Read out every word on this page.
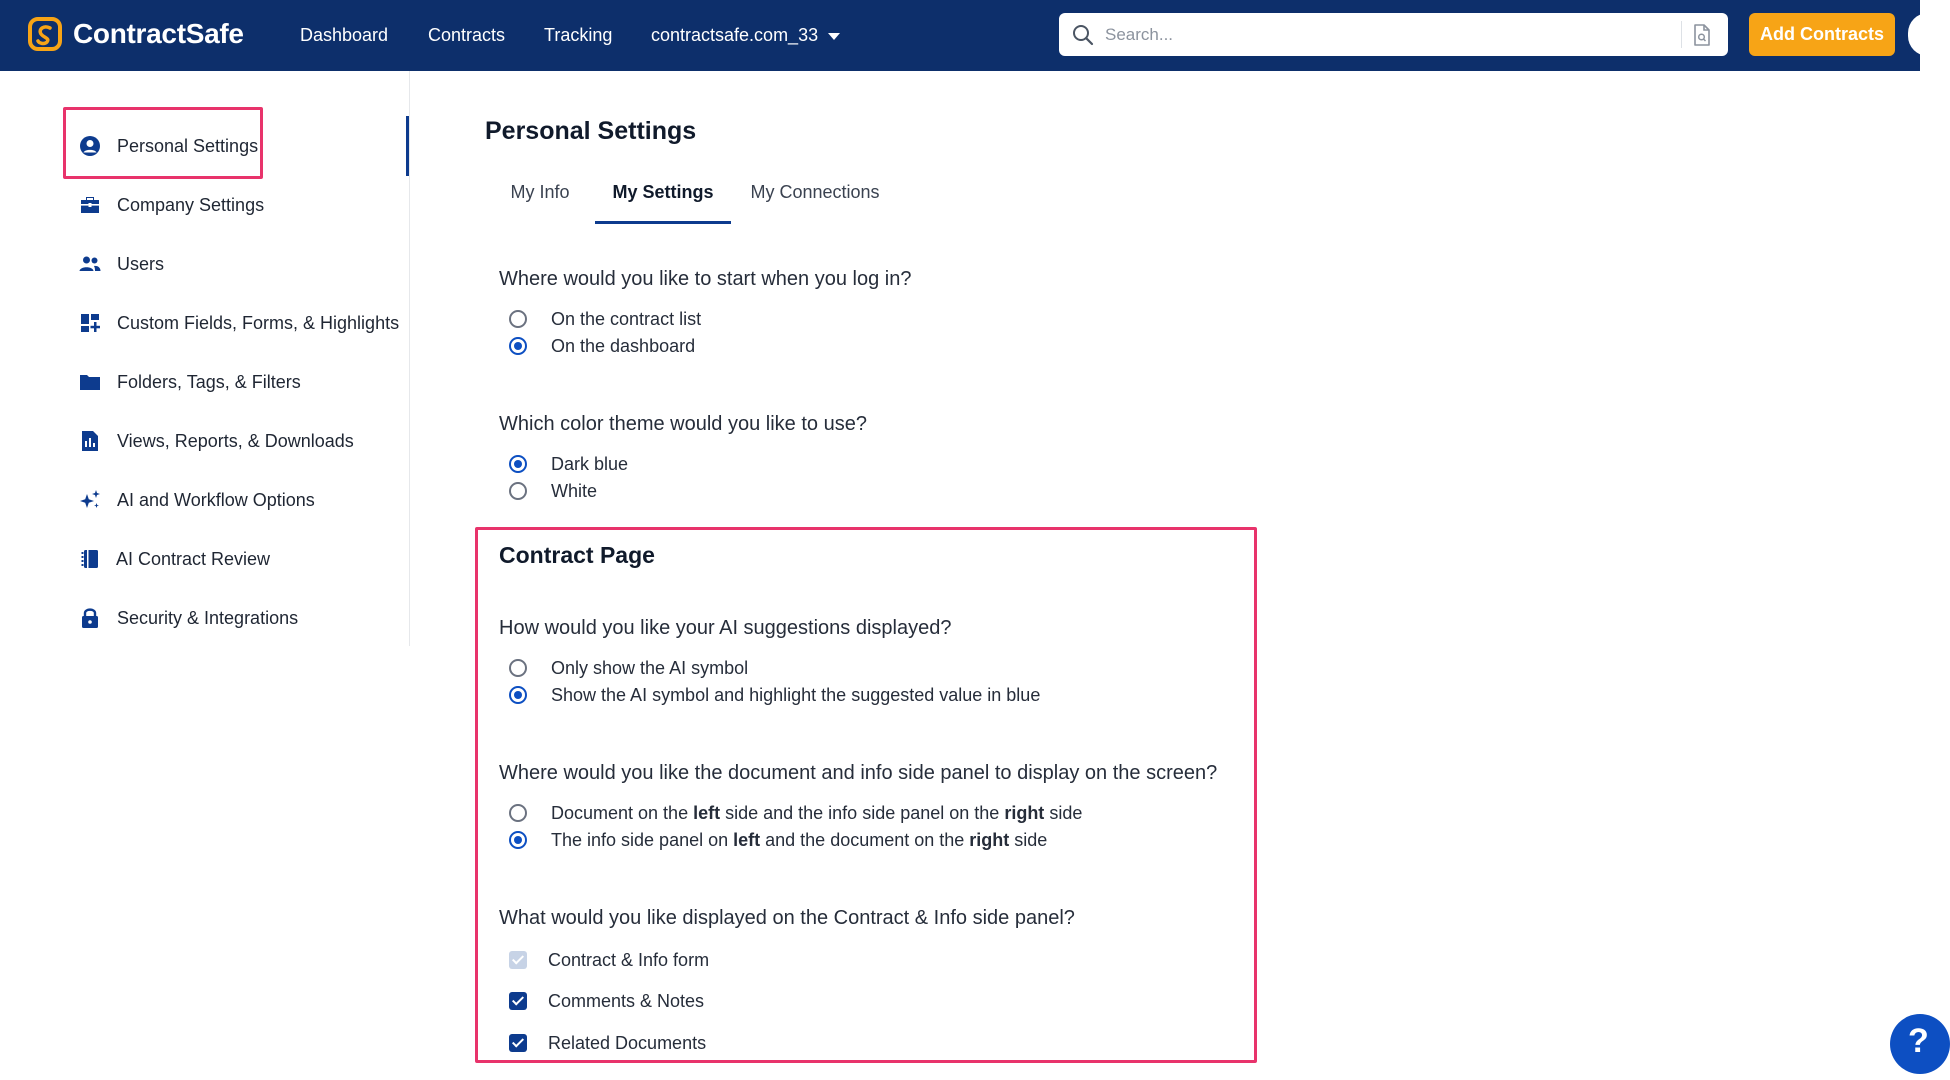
ContractSafe	Dashboard Contracts Tracking contractsafe.com_33
Search...	Add Contracts
Personal Settings
Company Settings
Users
Custom Fields, Forms, & Highlights
Folders, Tags, & Filters
Views, Reports, & Downloads
AI and Workflow Options
AI Contract Review
Security & Integrations
Personal Settings
My Info	My Settings	My Connections
Where would you like to start when you log in?
On the contract list
On the dashboard
Which color theme would you like to use?
Dark blue
White
Contract Page
How would you like your AI suggestions displayed?
Only show the AI symbol
Show the AI symbol and highlight the suggested value in blue
Where would you like the document and info side panel to display on the screen?
Document on the left side and the info side panel on the right side
The info side panel on left and the document on the right side
What would you like displayed on the Contract & Info side panel?
Contract & Info form
Comments & Notes
Related Documents	?
